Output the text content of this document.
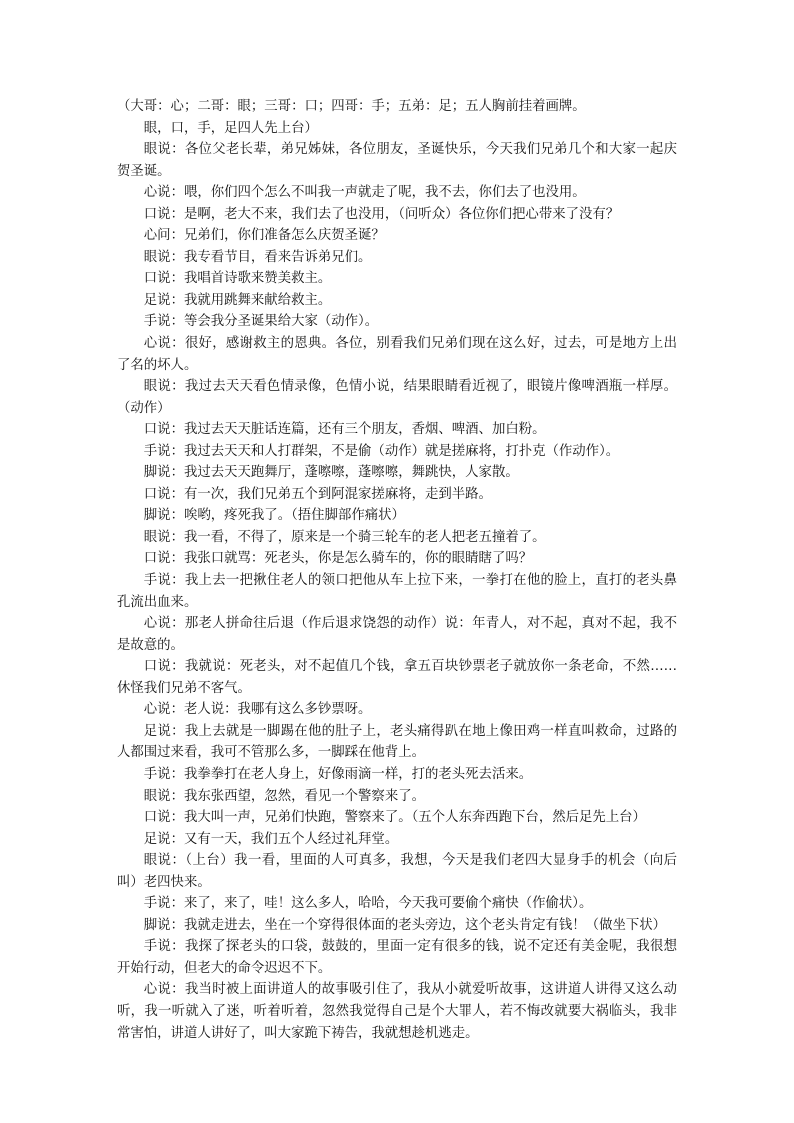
（大哥：心；二哥：眼；三哥：口；四哥：手；五弟：足；五人胸前挂着画牌。

眼，口，手，足四人先上台）

眼说：各位父老长辈，弟兄姊妹，各位朋友，圣诞快乐，今天我们兄弟几个和大家一起庆贺圣诞。

心说：喂，你们四个怎么不叫我一声就走了呢，我不去，你们去了也没用。

口说：是啊，老大不来，我们去了也没用，（问听众）各位你们把心带来了没有？

心问：兄弟们，你们准备怎么庆贺圣诞？

眼说：我专看节目，看来告诉弟兄们。

口说：我唱首诗歌来赞美救主。

足说：我就用跳舞来献给救主。

手说：等会我分圣诞果给大家（动作）。

心说：很好，感谢救主的恩典。各位，别看我们兄弟们现在这么好，过去，可是地方上出了名的坏人。

眼说：我过去天天看色情录像，色情小说，结果眼睛看近视了，眼镜片像啤酒瓶一样厚。（动作）

口说：我过去天天脏话连篇，还有三个朋友，香烟、啤酒、加白粉。

手说：我过去天天和人打群架，不是偷（动作）就是搓麻将，打扑克（作动作）。

脚说：我过去天天跑舞厅，蓬嚓嚓，蓬嚓嚓，舞跳快，人家散。

口说：有一次，我们兄弟五个到阿混家搓麻将，走到半路。

脚说：唉哟，疼死我了。（捂住脚部作痛状）

眼说：我一看，不得了，原来是一个骑三轮车的老人把老五撞着了。

口说：我张口就骂：死老头，你是怎么骑车的，你的眼睛瞎了吗？

手说：我上去一把揪住老人的领口把他从车上拉下来，一拳打在他的脸上，直打的老头鼻孔流出血来。

心说：那老人拼命往后退（作后退求饶怨的动作）说：年青人，对不起，真对不起，我不是故意的。

口说：我就说：死老头，对不起值几个钱，拿五百块钞票老子就放你一条老命，不然……休怪我们兄弟不客气。

心说：老人说：我哪有这么多钞票呀。

足说：我上去就是一脚踢在他的肚子上，老头痛得趴在地上像田鸡一样直叫救命，过路的人都围过来看，我可不管那么多，一脚踩在他背上。

手说：我拳拳打在老人身上，好像雨滴一样，打的老头死去活来。

眼说：我东张西望，忽然，看见一个警察来了。

口说：我大叫一声，兄弟们快跑，警察来了。（五个人东奔西跑下台，然后足先上台）

足说：又有一天，我们五个人经过礼拜堂。

眼说：（上台）我一看，里面的人可真多，我想，今天是我们老四大显身手的机会（向后叫）老四快来。

手说：来了，来了，哇！这么多人，哈哈，今天我可要偷个痛快（作偷状）。

脚说：我就走进去，坐在一个穿得很体面的老头旁边，这个老头肯定有钱！（做坐下状）

手说：我探了探老头的口袋，鼓鼓的，里面一定有很多的钱，说不定还有美金呢，我很想开始行动，但老大的命令迟迟不下。

心说：我当时被上面讲道人的故事吸引住了，我从小就爱听故事，这讲道人讲得又这么动听，我一听就入了迷，听着听着，忽然我觉得自己是个大罪人，若不悔改就要大祸临头，我非常害怕，讲道人讲好了，叫大家跪下祷告，我就想趁机逃走。
